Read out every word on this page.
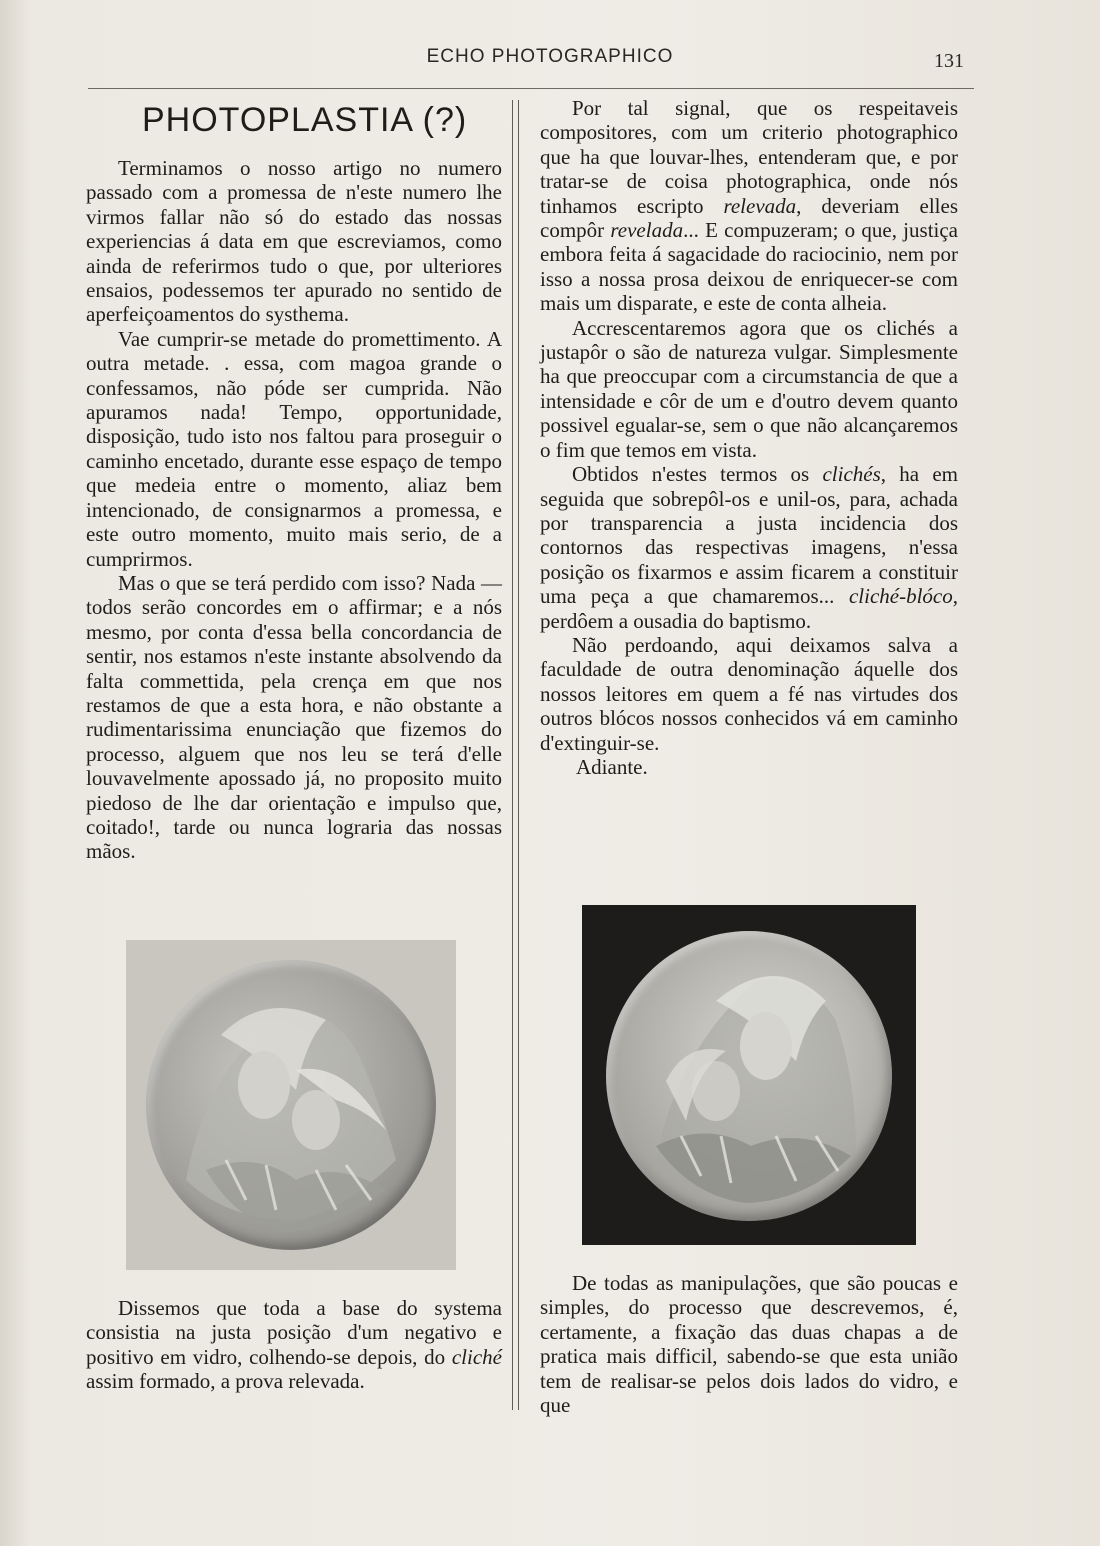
ECHO PHOTOGRAPHICO	131
PHOTOPLASTIA (?)

Terminamos o nosso artigo no numero passado com a promessa de n'este numero lhe virmos fallar não só do estado das nossas experiencias á data em que escreviamos, como ainda de referirmos tudo o que, por ulteriores ensaios, podessemos ter apurado no sentido de aperfeiçoamentos do systhema.

Vae cumprir-se metade do promettimento. A outra metade. . essa, com magoa grande o confessamos, não póde ser cumprida. Não apuramos nada! Tempo, opportunidade, disposição, tudo isto nos faltou para proseguir o caminho encetado, durante esse espaço de tempo que medeia entre o momento, aliaz bem intencionado, de consignarmos a promessa, e este outro momento, muito mais serio, de a cumprirmos.

Mas o que se terá perdido com isso? Nada — todos serão concordes em o affirmar; e a nós mesmo, por conta d'essa bella concordancia de sentir, nos estamos n'este instante absolvendo da falta commettida, pela crença em que nos restamos de que a esta hora, e não obstante a rudimentarissima enunciação que fizemos do processo, alguem que nos leu se terá d'elle louvavelmente apossado já, no proposito muito piedoso de lhe dar orientação e impulso que, coitado!, tarde ou nunca lograria das nossas mãos.

Dissemos que toda a base do systema consistia na justa posição d'um negativo e positivo em vidro, colhendo-se depois, do cliché assim formado, a prova relevada.

Por tal signal, que os respeitaveis compositores, com um criterio photographico que ha que louvar-lhes, entenderam que, e por tratar-se de coisa photographica, onde nós tinhamos escripto relevada, deveriam elles compôr revelada... E compuzeram; o que, justiça embora feita á sagacidade do raciocinio, nem por isso a nossa prosa deixou de enriquecer-se com mais um disparate, e este de conta alheia.

Accrescentaremos agora que os clichés a justapôr o são de natureza vulgar. Simplesmente ha que preoccupar com a circumstancia de que a intensidade e côr de um e d'outro devem quanto possivel egualar-se, sem o que não alcançaremos o fim que temos em vista.

Obtidos n'estes termos os clichés, ha em seguida que sobrepôl-os e unil-os, para, achada por transparencia a justa incidencia dos contornos das respectivas imagens, n'essa posição os fixarmos e assim ficarem a constituir uma peça a que chamaremos... cliché-blóco, perdôem a ousadia do baptismo.

Não perdoando, aqui deixamos salva a faculdade de outra denominação áquelle dos nossos leitores em quem a fé nas virtudes dos outros blócos nossos conhecidos vá em caminho d'extinguir-se.

Adiante.

De todas as manipulações, que são poucas e simples, do processo que descrevemos, é, certamente, a fixação das duas chapas a de pratica mais difficil, sabendo-se que esta união tem de realisar-se pelos dois lados do vidro, e que
